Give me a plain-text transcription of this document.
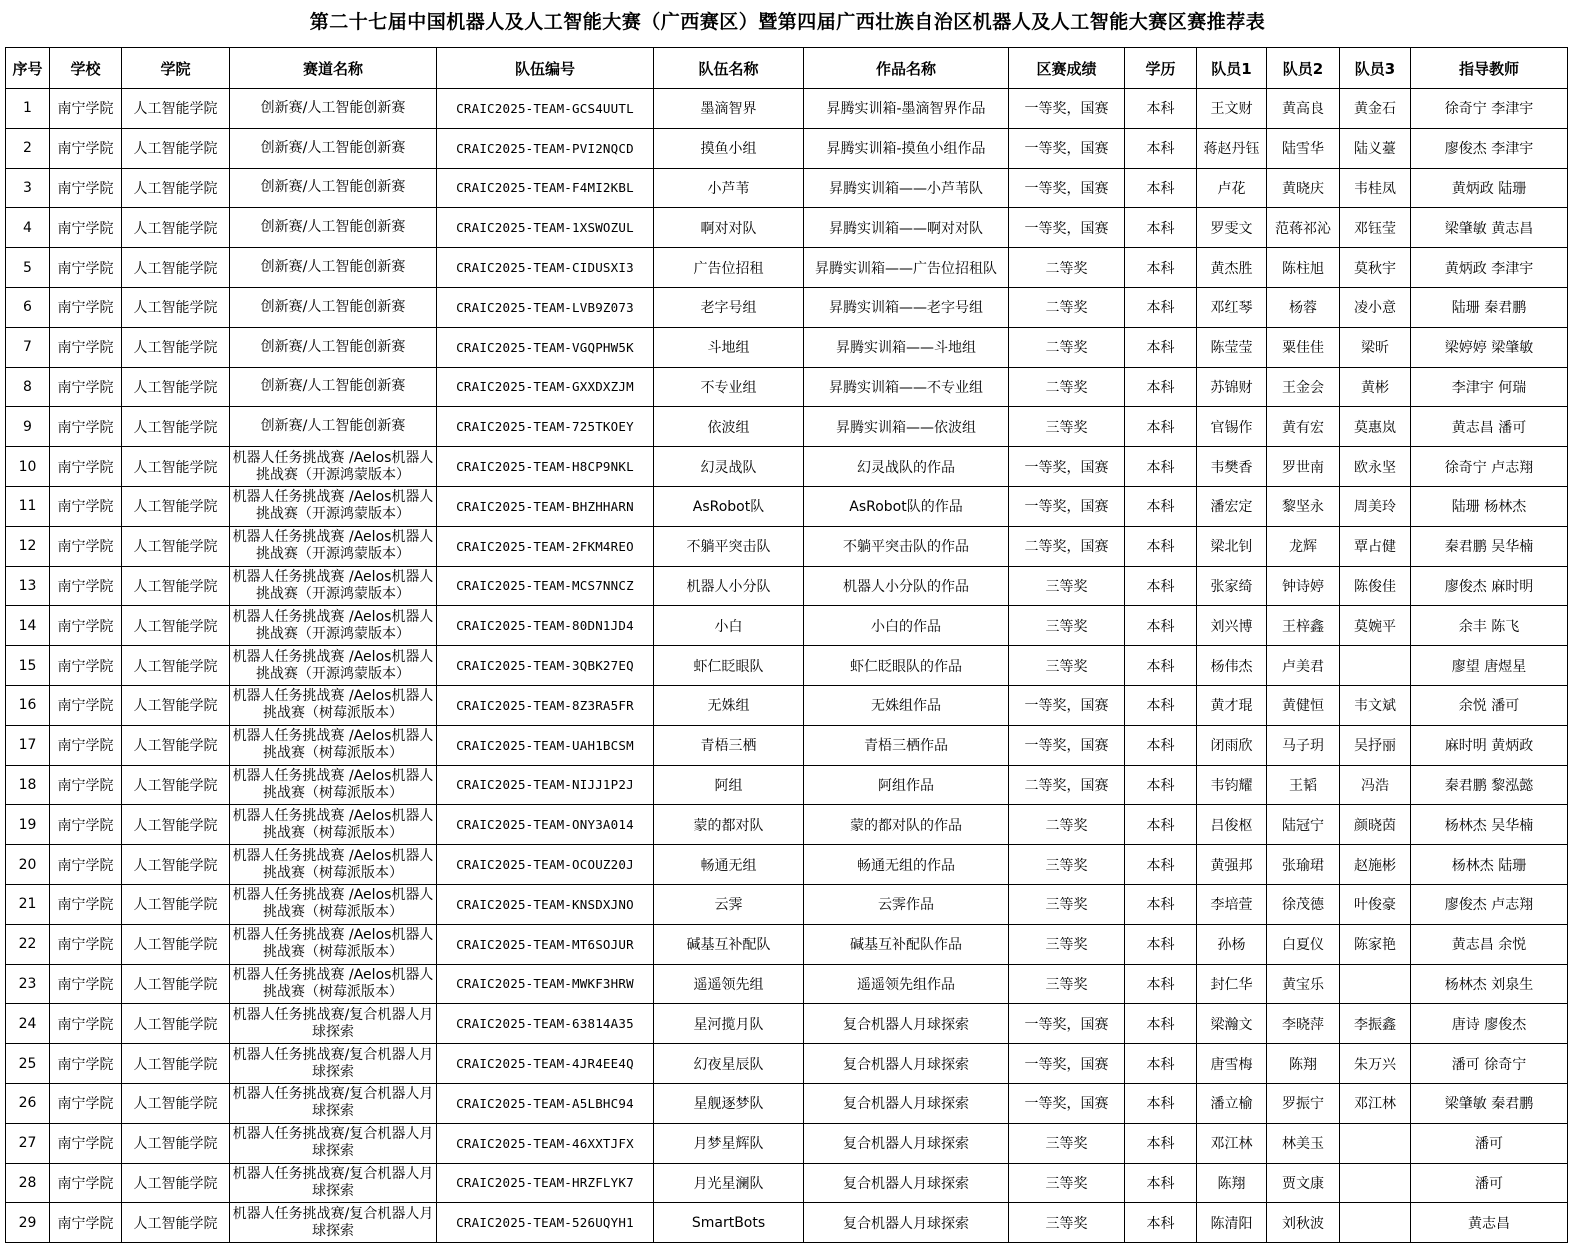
第二十七届中国机器人及人工智能大赛（广西赛区）暨第四届广西壮族自治区机器人及人工智能大赛区赛推荐表
序号	学校	学院	赛道名称	队伍编号	队伍名称	作品名称	区赛成绩	学历	队员1	队员2	队员3	指导教师
1	南宁学院	人工智能学院	创新赛/人工智能创新赛	CRAIC2025-TEAM-GCS4UUTL	墨滴智界	昇腾实训箱-墨滴智界作品	一等奖，国赛	本科	王文财	黄高良	黄金石	徐奇宁 李津宇
2	南宁学院	人工智能学院	创新赛/人工智能创新赛	CRAIC2025-TEAM-PVI2NQCD	摸鱼小组	昇腾实训箱-摸鱼小组作品	一等奖，国赛	本科	蒋赵丹钰	陆雪华	陆义薹	廖俊杰 李津宇
3	南宁学院	人工智能学院	创新赛/人工智能创新赛	CRAIC2025-TEAM-F4MI2KBL	小芦苇	昇腾实训箱——小芦苇队	一等奖，国赛	本科	卢花	黄晓庆	韦桂凤	黄炳政 陆珊
4	南宁学院	人工智能学院	创新赛/人工智能创新赛	CRAIC2025-TEAM-1XSWOZUL	啊对对队	昇腾实训箱——啊对对队	一等奖，国赛	本科	罗雯文	范蒋祁沁	邓钰莹	梁肇敏 黄志昌
5	南宁学院	人工智能学院	创新赛/人工智能创新赛	CRAIC2025-TEAM-CIDUSXI3	广告位招租	昇腾实训箱——广告位招租队	二等奖	本科	黄杰胜	陈柱旭	莫秋宇	黄炳政 李津宇
6	南宁学院	人工智能学院	创新赛/人工智能创新赛	CRAIC2025-TEAM-LVB9Z073	老字号组	昇腾实训箱——老字号组	二等奖	本科	邓红琴	杨蓉	凌小意	陆珊 秦君鹏
7	南宁学院	人工智能学院	创新赛/人工智能创新赛	CRAIC2025-TEAM-VGQPHW5K	斗地组	昇腾实训箱——斗地组	二等奖	本科	陈莹莹	粟佳佳	梁昕	梁婷婷 梁肇敏
8	南宁学院	人工智能学院	创新赛/人工智能创新赛	CRAIC2025-TEAM-GXXDXZJM	不专业组	昇腾实训箱——不专业组	二等奖	本科	苏锦财	王金会	黄彬	李津宇 何瑞
9	南宁学院	人工智能学院	创新赛/人工智能创新赛	CRAIC2025-TEAM-725TKOEY	依波组	昇腾实训箱——依波组	三等奖	本科	官锡作	黄有宏	莫惠岚	黄志昌 潘可
10	南宁学院	人工智能学院	机器人任务挑战赛 /Aelos机器人挑战赛（开源鸿蒙版本）	CRAIC2025-TEAM-H8CP9NKL	幻灵战队	幻灵战队的作品	一等奖，国赛	本科	韦樊香	罗世南	欧永坚	徐奇宁 卢志翔
11	南宁学院	人工智能学院	机器人任务挑战赛 /Aelos机器人挑战赛（开源鸿蒙版本）	CRAIC2025-TEAM-BHZHHARN	AsRobot队	AsRobot队的作品	一等奖，国赛	本科	潘宏定	黎坚永	周美玲	陆珊 杨林杰
12	南宁学院	人工智能学院	机器人任务挑战赛 /Aelos机器人挑战赛（开源鸿蒙版本）	CRAIC2025-TEAM-2FKM4REO	不躺平突击队	不躺平突击队的作品	二等奖，国赛	本科	梁北钊	龙辉	覃占健	秦君鹏 吴华楠
13	南宁学院	人工智能学院	机器人任务挑战赛 /Aelos机器人挑战赛（开源鸿蒙版本）	CRAIC2025-TEAM-MCS7NNCZ	机器人小分队	机器人小分队的作品	三等奖	本科	张家绮	钟诗婷	陈俊佳	廖俊杰 麻时明
14	南宁学院	人工智能学院	机器人任务挑战赛 /Aelos机器人挑战赛（开源鸿蒙版本）	CRAIC2025-TEAM-80DN1JD4	小白	小白的作品	三等奖	本科	刘兴博	王梓鑫	莫婉平	余丰 陈飞
15	南宁学院	人工智能学院	机器人任务挑战赛 /Aelos机器人挑战赛（开源鸿蒙版本）	CRAIC2025-TEAM-3QBK27EQ	虾仁眨眼队	虾仁眨眼队的作品	三等奖	本科	杨伟杰	卢美君		廖望 唐煜星
16	南宁学院	人工智能学院	机器人任务挑战赛 /Aelos机器人挑战赛（树莓派版本）	CRAIC2025-TEAM-8Z3RA5FR	无姝组	无姝组作品	一等奖，国赛	本科	黄才琨	黄健恒	韦文斌	余悦 潘可
17	南宁学院	人工智能学院	机器人任务挑战赛 /Aelos机器人挑战赛（树莓派版本）	CRAIC2025-TEAM-UAH1BCSM	青梧三栖	青梧三栖作品	一等奖，国赛	本科	闭雨欣	马子玥	吴抒丽	麻时明 黄炳政
18	南宁学院	人工智能学院	机器人任务挑战赛 /Aelos机器人挑战赛（树莓派版本）	CRAIC2025-TEAM-NIJJ1P2J	阿组	阿组作品	二等奖，国赛	本科	韦钧耀	王韬	冯浩	秦君鹏 黎泓懿
19	南宁学院	人工智能学院	机器人任务挑战赛 /Aelos机器人挑战赛（树莓派版本）	CRAIC2025-TEAM-ONY3A014	蒙的都对队	蒙的都对队的作品	二等奖	本科	吕俊枢	陆冠宁	颜晓茵	杨林杰 吴华楠
20	南宁学院	人工智能学院	机器人任务挑战赛 /Aelos机器人挑战赛（树莓派版本）	CRAIC2025-TEAM-OCOUZ20J	畅通无组	畅通无组的作品	三等奖	本科	黄强邦	张瑜珺	赵施彬	杨林杰 陆珊
21	南宁学院	人工智能学院	机器人任务挑战赛 /Aelos机器人挑战赛（树莓派版本）	CRAIC2025-TEAM-KNSDXJNO	云霁	云霁作品	三等奖	本科	李培萱	徐茂德	叶俊豪	廖俊杰 卢志翔
22	南宁学院	人工智能学院	机器人任务挑战赛 /Aelos机器人挑战赛（树莓派版本）	CRAIC2025-TEAM-MT6SOJUR	碱基互补配队	碱基互补配队作品	三等奖	本科	孙杨	白夏仪	陈家艳	黄志昌 余悦
23	南宁学院	人工智能学院	机器人任务挑战赛 /Aelos机器人挑战赛（树莓派版本）	CRAIC2025-TEAM-MWKF3HRW	遥遥领先组	遥遥领先组作品	三等奖	本科	封仁华	黄宝乐		杨林杰 刘泉生
24	南宁学院	人工智能学院	机器人任务挑战赛/复合机器人月球探索	CRAIC2025-TEAM-63814A35	星河揽月队	复合机器人月球探索	一等奖，国赛	本科	梁瀚文	李晓萍	李振鑫	唐诗 廖俊杰
25	南宁学院	人工智能学院	机器人任务挑战赛/复合机器人月球探索	CRAIC2025-TEAM-4JR4EE4Q	幻夜星辰队	复合机器人月球探索	一等奖，国赛	本科	唐雪梅	陈翔	朱万兴	潘可 徐奇宁
26	南宁学院	人工智能学院	机器人任务挑战赛/复合机器人月球探索	CRAIC2025-TEAM-A5LBHC94	星舰逐梦队	复合机器人月球探索	一等奖，国赛	本科	潘立榆	罗振宁	邓江林	梁肇敏 秦君鹏
27	南宁学院	人工智能学院	机器人任务挑战赛/复合机器人月球探索	CRAIC2025-TEAM-46XXTJFX	月梦星辉队	复合机器人月球探索	三等奖	本科	邓江林	林美玉		潘可
28	南宁学院	人工智能学院	机器人任务挑战赛/复合机器人月球探索	CRAIC2025-TEAM-HRZFLYK7	月光星澜队	复合机器人月球探索	三等奖	本科	陈翔	贾文康		潘可
29	南宁学院	人工智能学院	机器人任务挑战赛/复合机器人月球探索	CRAIC2025-TEAM-526UQYH1	SmartBots	复合机器人月球探索	三等奖	本科	陈清阳	刘秋波		黄志昌
